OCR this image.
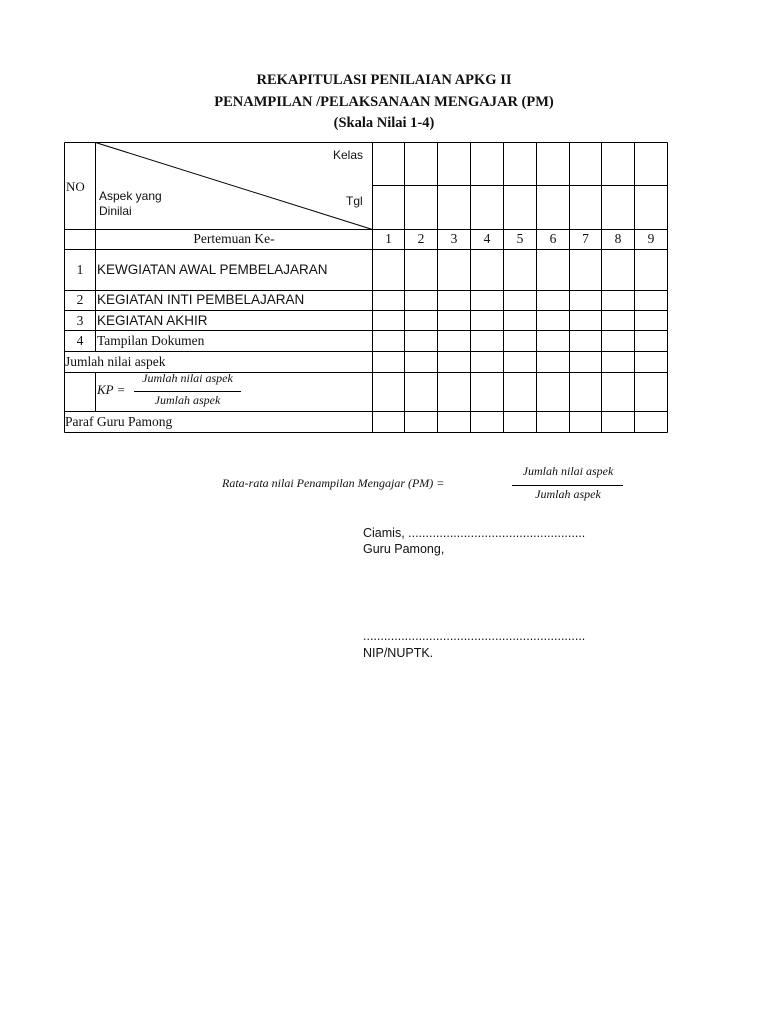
REKAPITULASI PENILAIAN APKG II
PENAMPILAN /PELAKSANAAN MENGAJAR (PM)
(Skala Nilai 1-4)
NO
Kelas
Tgl
Aspek yang
Dinilai
Pertemuan Ke-	1	2	3	4	5	6	7	8	9
1	KEWGIATAN AWAL PEMBELAJARAN
2	KEGIATAN INTI PEMBELAJARAN
3	KEGIATAN AKHIR
4	Tampilan Dokumen
Jumlah nilai aspek
KP =
Jumlah nilai aspek
Jumlah aspek
Paraf Guru Pamong
Rata-rata nilai Penampilan Mengajar (PM) =
Jumlah nilai aspek
Jumlah aspek
Ciamis, ...................................................
Guru Pamong,
................................................................
NIP/NUPTK.
